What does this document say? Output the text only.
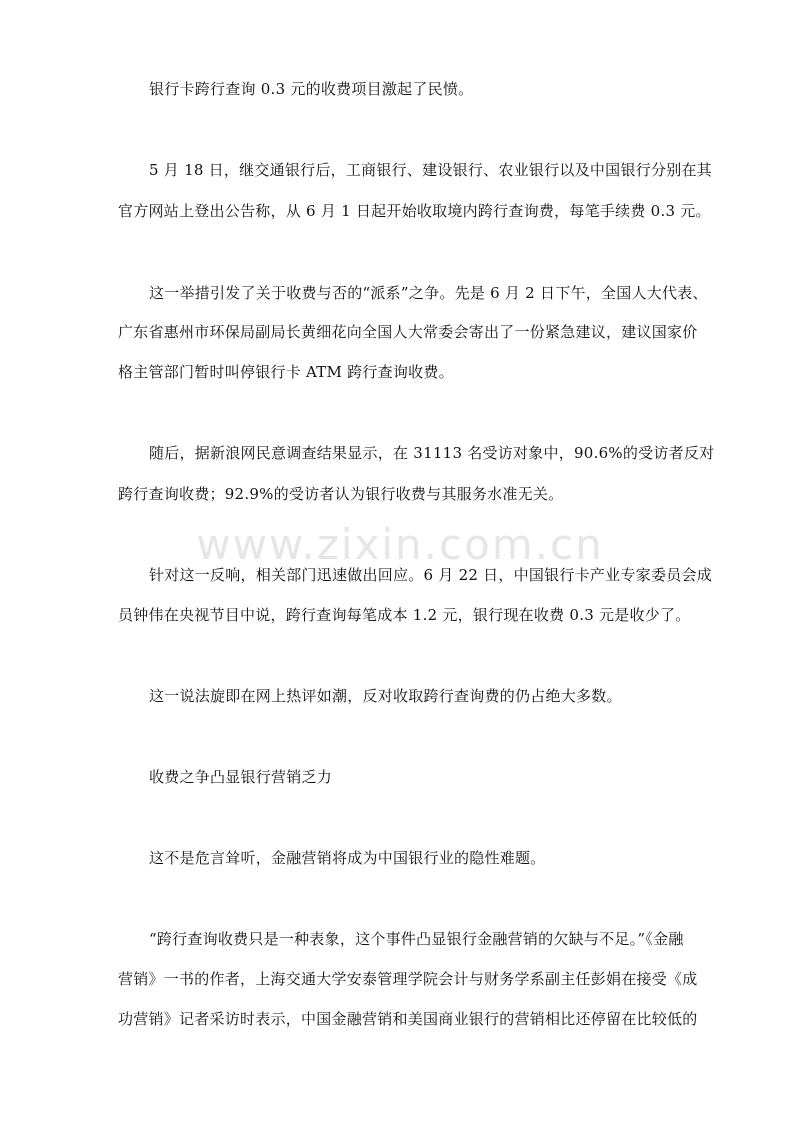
www.zixin.com.cn
银行卡跨行查询 0.3 元的收费项目激起了民愤。
5 月 18 日，继交通银行后，工商银行、建设银行、农业银行以及中国银行分别在其
官方网站上登出公告称，从 6 月 1 日起开始收取境内跨行查询费，每笔手续费 0.3 元。
这一举措引发了关于收费与否的“派系”之争。先是 6 月 2 日下午，全国人大代表、
广东省惠州市环保局副局长黄细花向全国人大常委会寄出了一份紧急建议，建议国家价
格主管部门暂时叫停银行卡 ATM 跨行查询收费。
随后，据新浪网民意调查结果显示，在 31113 名受访对象中，90.6%的受访者反对
跨行查询收费；92.9%的受访者认为银行收费与其服务水准无关。
针对这一反响，相关部门迅速做出回应。6 月 22 日，中国银行卡产业专家委员会成
员钟伟在央视节目中说，跨行查询每笔成本 1.2 元，银行现在收费 0.3 元是收少了。
这一说法旋即在网上热评如潮，反对收取跨行查询费的仍占绝大多数。
收费之争凸显银行营销乏力
这不是危言耸听，金融营销将成为中国银行业的隐性难题。
“跨行查询收费只是一种表象，这个事件凸显银行金融营销的欠缺与不足。”《金融
营销》一书的作者，上海交通大学安泰管理学院会计与财务学系副主任彭娟在接受《成
功营销》记者采访时表示，中国金融营销和美国商业银行的营销相比还停留在比较低的
